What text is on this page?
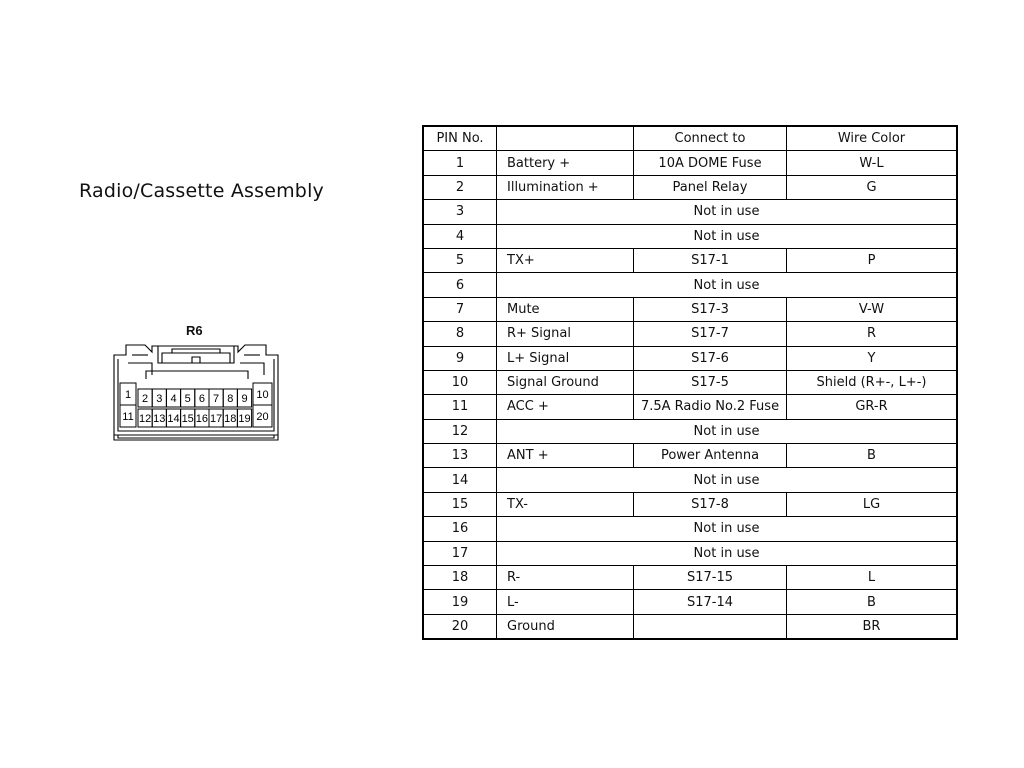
Radio/Cassette Assembly
R6
1
11
2
12
3
13
4
14
5
15
6
16
7
17
8
18
9
19
10
20
PIN No.		Connect to	Wire Color
1	Battery +	10A DOME Fuse	W-L
2	Illumination +	Panel Relay	G
3	Not in use		
4	Not in use		
5	TX+	S17-1	P
6	Not in use		
7	Mute	S17-3	V-W
8	R+ Signal	S17-7	R
9	L+ Signal	S17-6	Y
10	Signal Ground	S17-5	Shield (R+-, L+-)
11	ACC +	7.5A Radio No.2 Fuse	GR-R
12	Not in use		
13	ANT +	Power Antenna	B
14	Not in use		
15	TX-	S17-8	LG
16	Not in use		
17	Not in use		
18	R-	S17-15	L
19	L-	S17-14	B
20	Ground		BR
